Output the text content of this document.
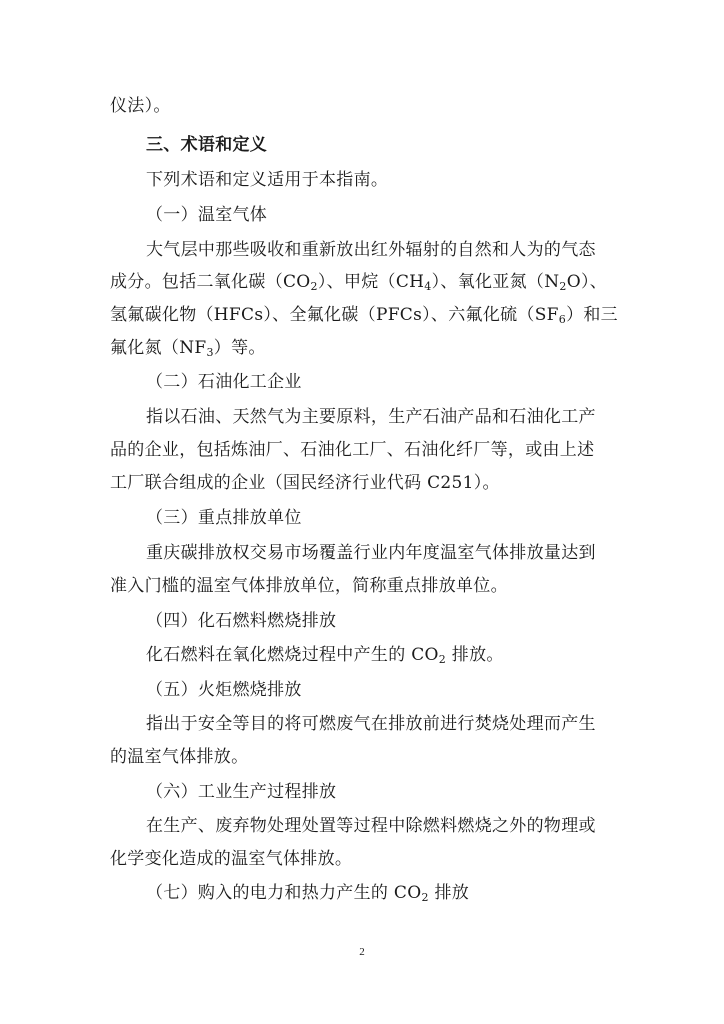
仪法）。
三、术语和定义
下列术语和定义适用于本指南。
（一）温室气体
大气层中那些吸收和重新放出红外辐射的自然和人为的气态
成分。包括二氧化碳$(CO_2)$、甲烷$(CH_4)$、氧化亚氮$(N_2O)$、
氢氟碳化物（HFCs）、全氟化碳（PFCs）、六氟化硫$(SF_6)$和三
氟化氮$(NF_3)$等。
（二）石油化工企业
指以石油、天然气为主要原料，生产石油产品和石油化工产
品的企业，包括炼油厂、石油化工厂、石油化纤厂等，或由上述
工厂联合组成的企业（国民经济行业代码 C251）。
（三）重点排放单位
重庆碳排放权交易市场覆盖行业内年度温室气体排放量达到
准入门槛的温室气体排放单位，简称重点排放单位。
（四）化石燃料燃烧排放
化石燃料在氧化燃烧过程中产生的 $CO_2$ 排放。
（五）火炬燃烧排放
指出于安全等目的将可燃废气在排放前进行焚烧处理而产生
的温室气体排放。
（六）工业生产过程排放
在生产、废弃物处理处置等过程中除燃料燃烧之外的物理或
化学变化造成的温室气体排放。
（七）购入的电力和热力产生的 $CO_2$ 排放
2
